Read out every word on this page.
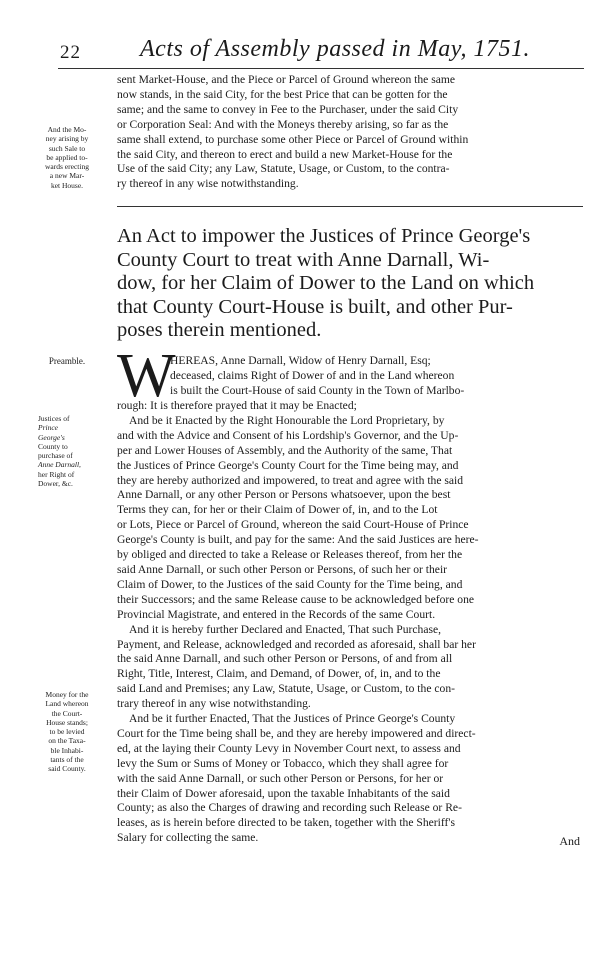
22 Acts of Assembly passed in May, 1751.
sent Market-House, and the Piece or Parcel of Ground whereon the same
now stands, in the said City, for the best Price that can be gotten for the
same; and the same to convey in Fee to the Purchaser, under the said City
or Corporation Seal: And with the Moneys thereby arising, so far as the
same shall extend, to purchase some other Piece or Parcel of Ground within
the said City, and thereon to erect and build a new Market-House for the
Use of the said City; any Law, Statute, Usage, or Custom, to the contra-
ry thereof in any wise notwithstanding.
And the Mo-
ney arising by
such Sale to
be applied to-
wards erecting
a new Mar-
ket House.
An Act to impower the Justices of Prince George's
County Court to treat with Anne Darnall, Wi-
dow, for her Claim of Dower to the Land on which
that County Court-House is built, and other Pur-
poses therein mentioned.
Preamble. W
HEREAS, Anne Darnall, Widow of Henry Darnall, Esq;
deceased, claims Right of Dower of and in the Land whereon
is built the Court-House of said County in the Town of Marlbo-
rough: It is therefore prayed that it may be Enacted;
And be it Enacted by the Right Honourable the Lord Proprietary, by
and with the Advice and Consent of his Lordship's Governor, and the Up-
per and Lower Houses of Assembly, and the Authority of the same, That
the Justices of Prince George's County Court for the Time being may, and
they are hereby authorized and impowered, to treat and agree with the said
Anne Darnall, or any other Person or Persons whatsoever, upon the best
Terms they can, for her or their Claim of Dower of, in, and to the Lot
or Lots, Piece or Parcel of Ground, whereon the said Court-House of Prince
George's County is built, and pay for the same: And the said Justices are here-
by obliged and directed to take a Release or Releases thereof, from her the
said Anne Darnall, or such other Person or Persons, of such her or their
Claim of Dower, to the Justices of the said County for the Time being, and
their Successors; and the same Release cause to be acknowledged before one
Provincial Magistrate, and entered in the Records of the same Court.
And it is hereby further Declared and Enacted, That such Purchase,
Payment, and Release, acknowledged and recorded as aforesaid, shall bar her
the said Anne Darnall, and such other Person or Persons, of and from all
Right, Title, Interest, Claim, and Demand, of Dower, of, in, and to the
said Land and Premises; any Law, Statute, Usage, or Custom, to the con-
trary thereof in any wise notwithstanding.
And be it further Enacted, That the Justices of Prince George's County
Court for the Time being shall be, and they are hereby impowered and direct-
ed, at the laying their County Levy in November Court next, to assess and
levy the Sum or Sums of Money or Tobacco, which they shall agree for
with the said Anne Darnall, or such other Person or Persons, for her or
their Claim of Dower aforesaid, upon the taxable Inhabitants of the said
County; as also the Charges of drawing and recording such Release or Re-
leases, as is herein before directed to be taken, together with the Sheriff's
Salary for collecting the same.
Justices of
Prince
George's
County to
purchase of
Anne Darnall,
her Right of
Dower, &c.
Money for the
Land whereon
the Court-
House stands;
to be levied
on the Taxa-
ble Inhabi-
tants of the
said County.
And
